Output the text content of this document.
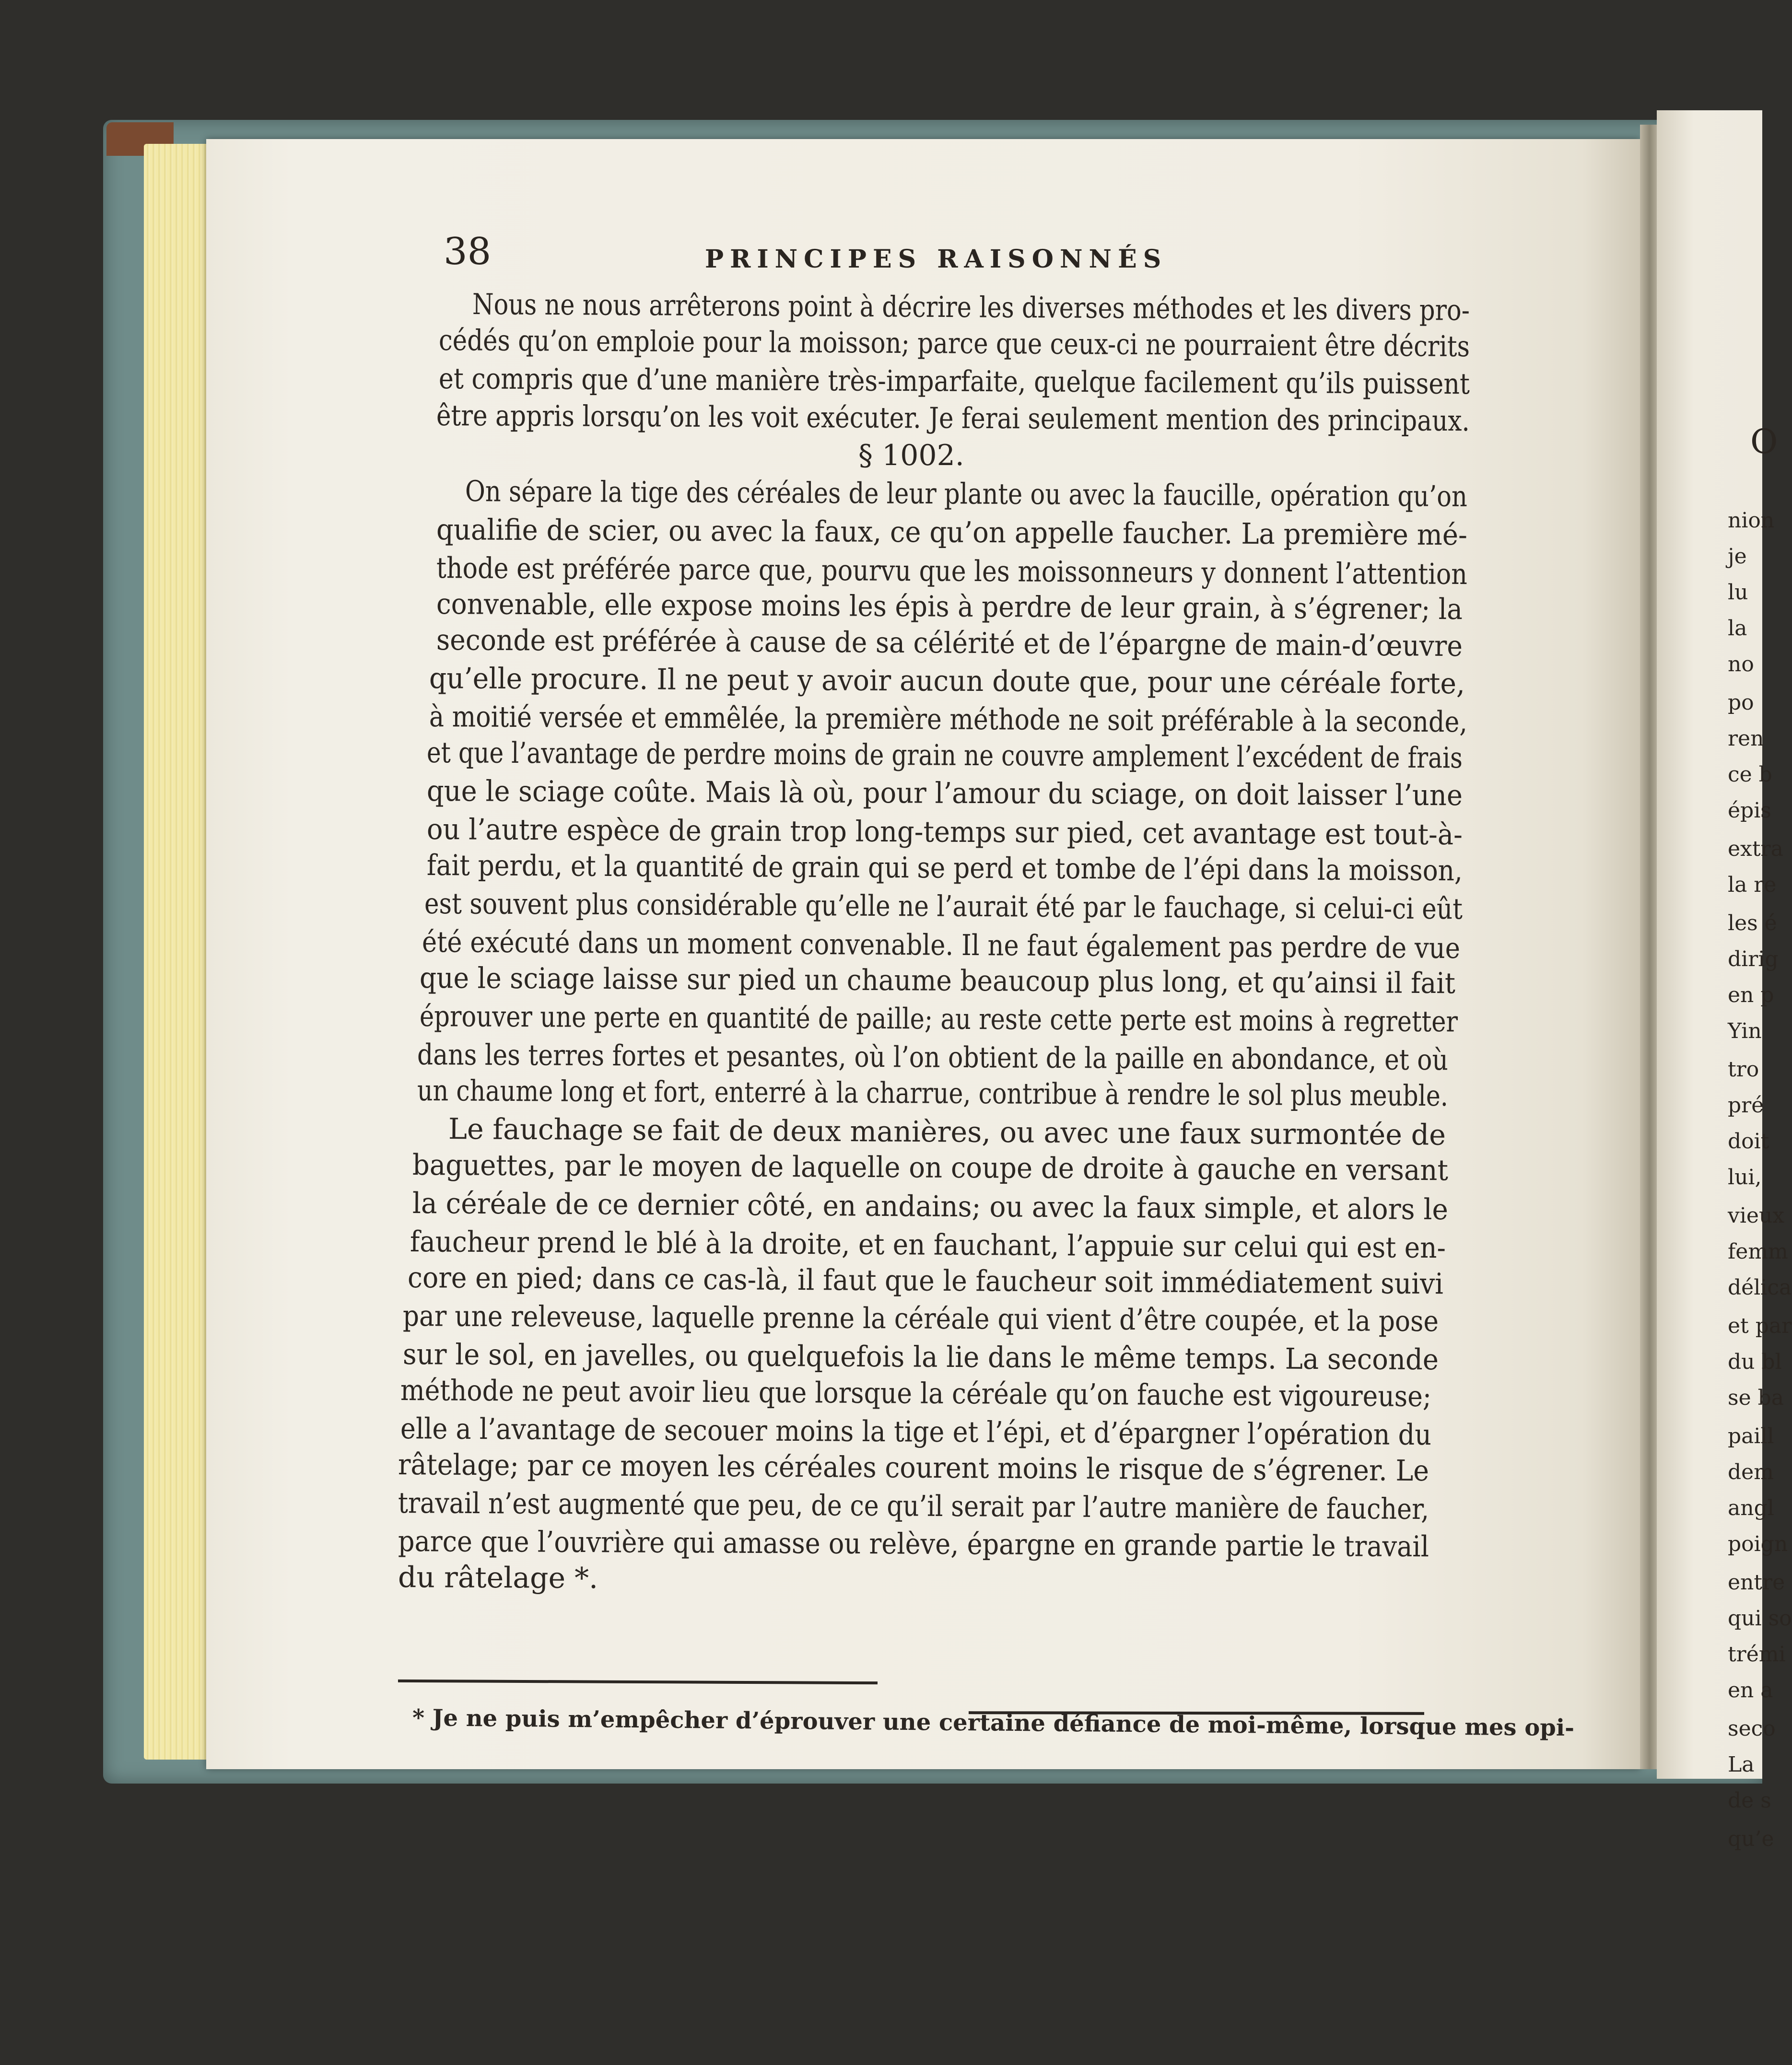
O
nion
je
lu
la
no
po
ren
ce b
épis
extra
la re
les é
dirig
en p
Yin
tro
pré
doit
lui,
vieux
femm
délica
et par
du bl
se ba
paill
dem
angl
poign
entre
qui so
trémi
en a
seco
La
de s
qu’e
38	PRINCIPES RAISONNÉS
Nous ne nous arrêterons point à décrire les diverses méthodes et les divers pro-
cédés qu’on emploie pour la moisson; parce que ceux-ci ne pourraient être décrits
et compris que d’une manière très-imparfaite, quelque facilement qu’ils puissent
être appris lorsqu’on les voit exécuter. Je ferai seulement mention des principaux.
§ 1002.
On sépare la tige des céréales de leur plante ou avec la faucille, opération qu’on
qualifie de scier, ou avec la faux, ce qu’on appelle faucher. La première mé-
thode est préférée parce que, pourvu que les moissonneurs y donnent l’attention
convenable, elle expose moins les épis à perdre de leur grain, à s’égrener; la
seconde est préférée à cause de sa célérité et de l’épargne de main-d’œuvre
qu’elle procure. Il ne peut y avoir aucun doute que, pour une céréale forte,
à moitié versée et emmêlée, la première méthode ne soit préférable à la seconde,
et que l’avantage de perdre moins de grain ne couvre amplement l’excédent de frais
que le sciage coûte. Mais là où, pour l’amour du sciage, on doit laisser l’une
ou l’autre espèce de grain trop long-temps sur pied, cet avantage est tout-à-
fait perdu, et la quantité de grain qui se perd et tombe de l’épi dans la moisson,
est souvent plus considérable qu’elle ne l’aurait été par le fauchage, si celui-ci eût
été exécuté dans un moment convenable. Il ne faut également pas perdre de vue
que le sciage laisse sur pied un chaume beaucoup plus long, et qu’ainsi il fait
éprouver une perte en quantité de paille; au reste cette perte est moins à regretter
dans les terres fortes et pesantes, où l’on obtient de la paille en abondance, et où
un chaume long et fort, enterré à la charrue, contribue à rendre le sol plus meuble.
Le fauchage se fait de deux manières, ou avec une faux surmontée de
baguettes, par le moyen de laquelle on coupe de droite à gauche en versant
la céréale de ce dernier côté, en andains; ou avec la faux simple, et alors le
faucheur prend le blé à la droite, et en fauchant, l’appuie sur celui qui est en-
core en pied; dans ce cas-là, il faut que le faucheur soit immédiatement suivi
par une releveuse, laquelle prenne la céréale qui vient d’être coupée, et la pose
sur le sol, en javelles, ou quelquefois la lie dans le même temps. La seconde
méthode ne peut avoir lieu que lorsque la céréale qu’on fauche est vigoureuse;
elle a l’avantage de secouer moins la tige et l’épi, et d’épargner l’opération du
râtelage; par ce moyen les céréales courent moins le risque de s’égrener. Le
travail n’est augmenté que peu, de ce qu’il serait par l’autre manière de faucher,
parce que l’ouvrière qui amasse ou relève, épargne en grande partie le travail
du râtelage *.
* Je ne puis m’empêcher d’éprouver une certaine défiance de moi-même, lorsque mes opi-
